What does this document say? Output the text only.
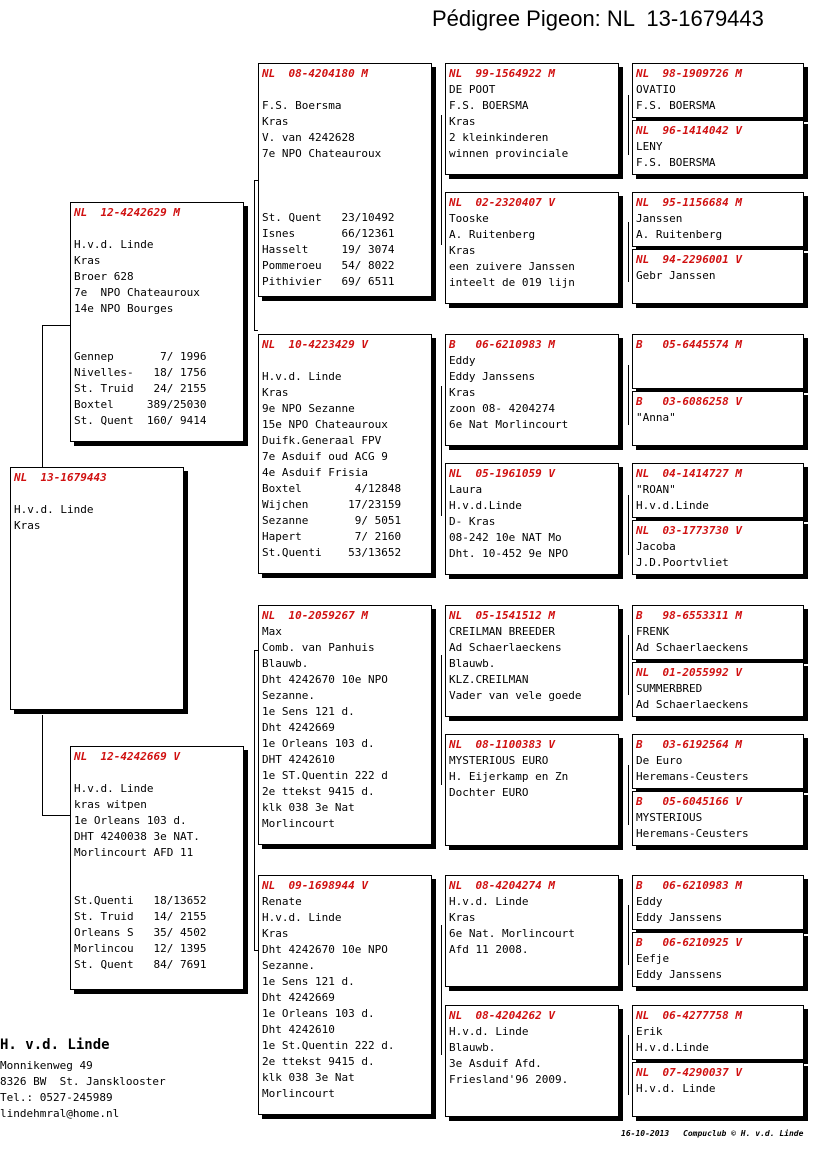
Pédigree Pigeon: NL  13-1679443
NL  13-1679443
H.v.d. Linde
Kras
NL  12-4242629 M
H.v.d. Linde
Kras
Broer 628
7e  NPO Chateauroux
14e NPO Bourges
Gennep       7/ 1996
Nivelles-   18/ 1756
St. Truid   24/ 2155
Boxtel     389/25030
St. Quent  160/ 9414
NL  12-4242669 V
H.v.d. Linde
kras witpen
1e Orleans 103 d.
DHT 4240038 3e NAT.
Morlincourt AFD 11
St.Quenti   18/13652
St. Truid   14/ 2155
Orleans S   35/ 4502
Morlincou   12/ 1395
St. Quent   84/ 7691
NL  08-4204180 M
F.S. Boersma
Kras
V. van 4242628
7e NPO Chateauroux
St. Quent   23/10492
Isnes       66/12361
Hasselt     19/ 3074
Pommeroeu   54/ 8022
Pithivier   69/ 6511
NL  10-4223429 V
H.v.d. Linde
Kras
9e NPO Sezanne
15e NPO Chateauroux
Duifk.Generaal FPV
7e Asduif oud ACG 9
4e Asduif Frisia
Boxtel        4/12848
Wijchen      17/23159
Sezanne       9/ 5051
Hapert        7/ 2160
St.Quenti    53/13652
NL  10-2059267 M
Max
Comb. van Panhuis
Blauwb.
Dht 4242670 10e NPO
Sezanne.
1e Sens 121 d.
Dht 4242669
1e Orleans 103 d.
DHT 4242610
1e ST.Quentin 222 d
2e ttekst 9415 d.
klk 038 3e Nat
Morlincourt
NL  09-1698944 V
Renate
H.v.d. Linde
Kras
Dht 4242670 10e NPO
Sezanne.
1e Sens 121 d.
Dht 4242669
1e Orleans 103 d.
Dht 4242610
1e St.Quentin 222 d.
2e ttekst 9415 d.
klk 038 3e Nat
Morlincourt
NL  99-1564922 M
DE POOT
F.S. BOERSMA
Kras
2 kleinkinderen
winnen provinciale
NL  02-2320407 V
Tooske
A. Ruitenberg
Kras
een zuivere Janssen
inteelt de 019 lijn
B   06-6210983 M
Eddy
Eddy Janssens
Kras
zoon 08- 4204274
6e Nat Morlincourt
NL  05-1961059 V
Laura
H.v.d.Linde
D- Kras
08-242 10e NAT Mo
Dht. 10-452 9e NPO
NL  05-1541512 M
CREILMAN BREEDER
Ad Schaerlaeckens
Blauwb.
KLZ.CREILMAN
Vader van vele goede
NL  08-1100383 V
MYSTERIOUS EURO
H. Eijerkamp en Zn
Dochter EURO
NL  08-4204274 M
H.v.d. Linde
Kras
6e Nat. Morlincourt
Afd 11 2008.
NL  08-4204262 V
H.v.d. Linde
Blauwb.
3e Asduif Afd.
Friesland'96 2009.
NL  98-1909726 M
OVATIO
F.S. BOERSMA
NL  96-1414042 V
LENY
F.S. BOERSMA
NL  95-1156684 M
Janssen
A. Ruitenberg
NL  94-2296001 V
Gebr Janssen
B   05-6445574 M
B   03-6086258 V
"Anna"
NL  04-1414727 M
"ROAN"
H.v.d.Linde
NL  03-1773730 V
Jacoba
J.D.Poortvliet
B   98-6553311 M
FRENK
Ad Schaerlaeckens
NL  01-2055992 V
SUMMERBRED
Ad Schaerlaeckens
B   03-6192564 M
De Euro
Heremans-Ceusters
B   05-6045166 V
MYSTERIOUS
Heremans-Ceusters
B   06-6210983 M
Eddy
Eddy Janssens
B   06-6210925 V
Eefje
Eddy Janssens
NL  06-4277758 M
Erik
H.v.d.Linde
NL  07-4290037 V
H.v.d. Linde
H. v.d. Linde
Monnikenweg 49
8326 BW  St. Jansklooster
Tel.: 0527-245989
lindehmral@home.nl
16-10-2013 Compuclub © H. v.d. Linde
